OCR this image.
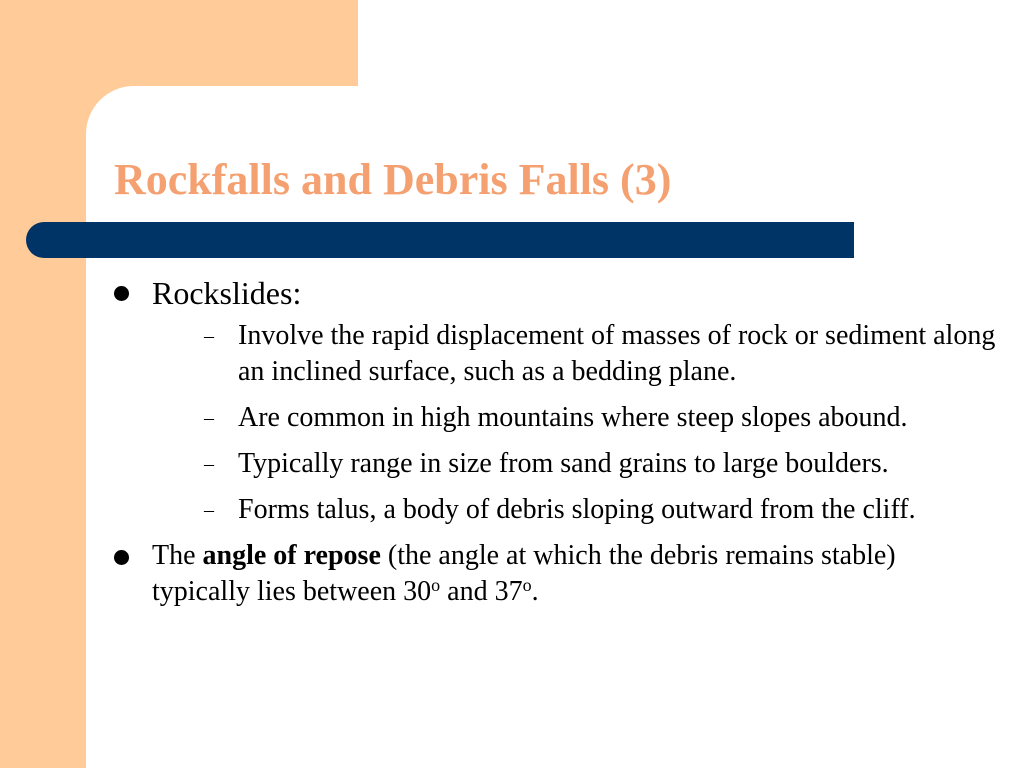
Rockfalls and Debris Falls (3)
Rockslides:
– Involve the rapid displacement of masses of rock or sediment along an inclined surface, such as a bedding plane.
– Are common in high mountains where steep slopes abound.
– Typically range in size from sand grains to large boulders.
– Forms talus, a body of debris sloping outward from the cliff.
The angle of repose (the angle at which the debris remains stable) typically lies between 30$^o$ and 37$^o$.
